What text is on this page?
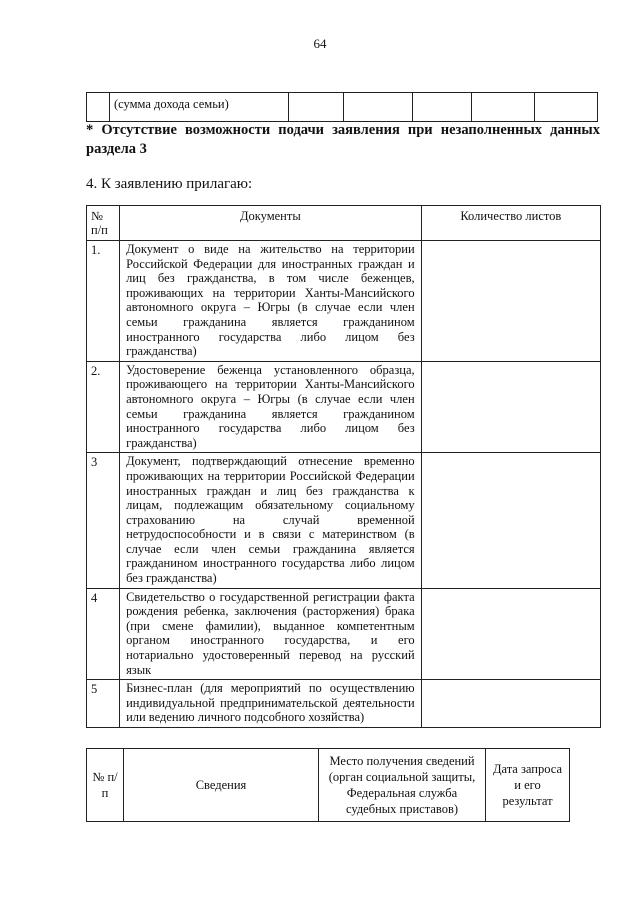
64
	(сумма дохода семьи)					
* Отсутствие возможности подачи заявления при незаполненных данных раздела 3
4. К заявлению прилагаю:
№ п/п	Документы	Количество листов
1.	Документ о виде на жительство на территории Российской Федерации для иностранных граждан и лиц без гражданства, в том числе беженцев, проживающих на территории Ханты-Мансийского автономного округа – Югры (в случае если член семьи гражданина является гражданином иностранного государства либо лицом без гражданства)	
2.	Удостоверение беженца установленного образца, проживающего на территории Ханты-Мансийского автономного округа – Югры (в случае если член семьи гражданина является гражданином иностранного государства либо лицом без гражданства)	
3	Документ, подтверждающий отнесение временно проживающих на территории Российской Федерации иностранных граждан и лиц без гражданства к лицам, подлежащим обязательному социальному страхованию на случай временной нетрудоспособности и в связи с материнством (в случае если член семьи гражданина является гражданином иностранного государства либо лицом без гражданства)	
4	Свидетельство о государственной регистрации факта рождения ребенка, заключения (расторжения) брака (при смене фамилии), выданное компетентным органом иностранного государства, и его нотариально удостоверенный перевод на русский язык	
5	Бизнес-план (для мероприятий по осуществлению индивидуальной предпринимательской деятельности или ведению личного подсобного хозяйства)	
№ п/п	Сведения	Место получения сведений (орган социальной защиты, Федеральная служба судебных приставов)	Дата запроса и его результат
